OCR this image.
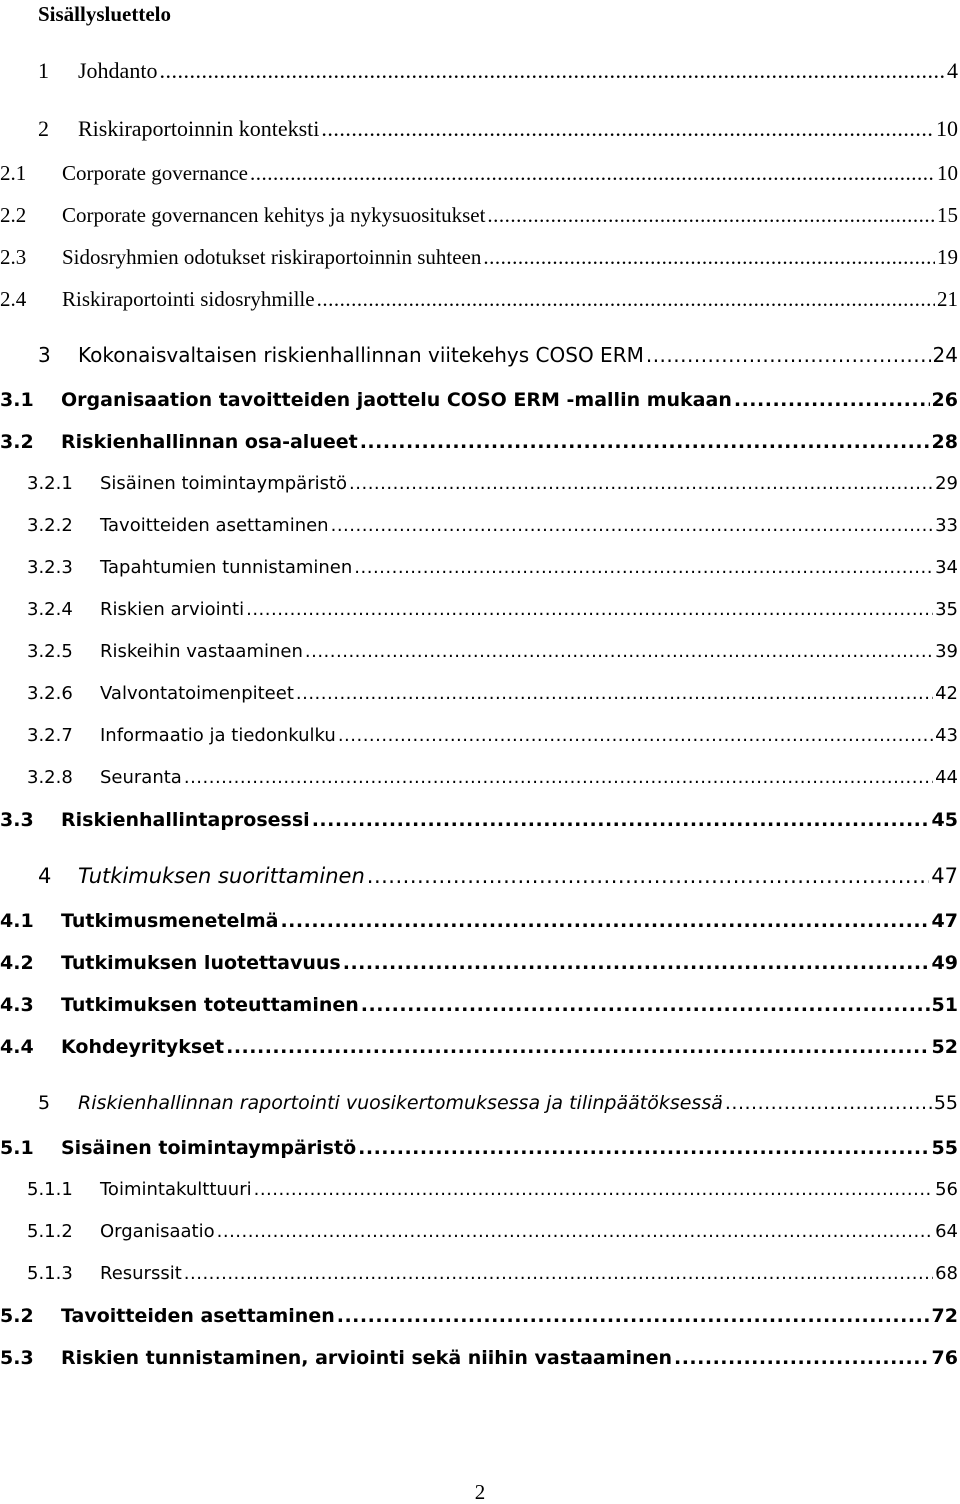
Sisällysluettelo
1	Johdanto .....	4
2	Riskiraportoinnin konteksti .....	10
2.1	Corporate governance .....	10
2.2	Corporate governancen kehitys ja nykysuositukset .....	15
2.3	Sidosryhmien odotukset riskiraportoinnin suhteen .....	19
2.4	Riskiraportointi sidosryhmille .....	21
3	Kokonaisvaltaisen riskienhallinnan viitekehys COSO ERM .....	24
3.1	Organisaation tavoitteiden jaottelu COSO ERM -mallin mukaan .....	26
3.2	Riskienhallinnan osa-alueet .....	28
3.2.1	Sisäinen toimintaympäristö .....	29
3.2.2	Tavoitteiden asettaminen .....	33
3.2.3	Tapahtumien tunnistaminen .....	34
3.2.4	Riskien arviointi .....	35
3.2.5	Riskeihin vastaaminen .....	39
3.2.6	Valvontatoimenpiteet .....	42
3.2.7	Informaatio ja tiedonkulku .....	43
3.2.8	Seuranta .....	44
3.3	Riskienhallintaprosessi .....	45
4	Tutkimuksen suorittaminen .....	47
4.1	Tutkimusmenetelmä .....	47
4.2	Tutkimuksen luotettavuus .....	49
4.3	Tutkimuksen toteuttaminen .....	51
4.4	Kohdeyritykset .....	52
5	Riskienhallinnan raportointi vuosikertomuksessa ja tilinpäätöksessä .....	55
5.1	Sisäinen toimintaympäristö .....	55
5.1.1	Toimintakulttuuri .....	56
5.1.2	Organisaatio .....	64
5.1.3	Resurssit .....	68
5.2	Tavoitteiden asettaminen .....	72
5.3	Riskien tunnistaminen, arviointi sekä niihin vastaaminen .....	76
2
